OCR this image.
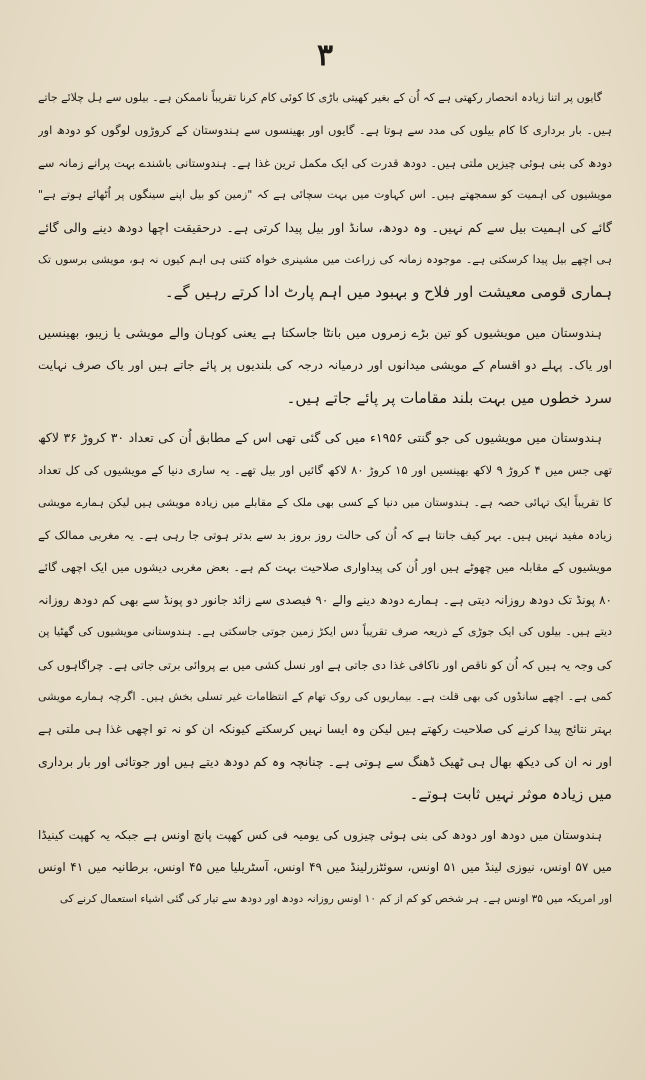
۳
گایوں پر اتنا زیادہ انحصار رکھتی ہے کہ اُن کے بغیر کھیتی باڑی کا کوئی کام کرنا تقریباً ناممکن ہے۔ بیلوں سے ہل چلائے جاتے
ہیں۔ بار برداری کا کام بیلوں کی مدد سے ہوتا ہے۔ گایوں اور بھینسوں سے ہندوستان کے کروڑوں لوگوں کو دودھ اور
دودھ کی بنی ہوئی چیزیں ملتی ہیں۔ دودھ قدرت کی ایک مکمل ترین غذا ہے۔ ہندوستانی باشندے بہت پرانے زمانہ سے
مویشیوں کی اہمیت کو سمجھتے ہیں۔ اس کہاوت میں بہت سچائی ہے کہ "زمین کو بیل اپنے سینگوں پر اُٹھائے ہوتے ہے"
گائے کی اہمیت بیل سے کم نہیں۔ وہ دودھ، سانڈ اور بیل پیدا کرتی ہے۔ درحقیقت اچھا دودھ دینے والی گائے
ہی اچھے بیل پیدا کرسکتی ہے۔ موجودہ زمانہ کی زراعت میں مشینری خواہ کتنی ہی اہم کیوں نہ ہو، مویشی برسوں تک
ہماری قومی معیشت اور فلاح و بہبود میں اہم پارٹ ادا کرتے رہیں گے۔
ہندوستان میں مویشیوں کو تین بڑے زمروں میں بانٹا جاسکتا ہے یعنی کوہان والے مویشی یا زیبو، بھینسیں
اور یاک۔ پہلے دو اقسام کے مویشی میدانوں اور درمیانہ درجہ کی بلندیوں پر پائے جاتے ہیں اور یاک صرف نہایت
سرد خطوں میں بہت بلند مقامات پر پائے جاتے ہیں۔
ہندوستان میں مویشیوں کی جو گنتی ۱۹۵۶ء میں کی گئی تھی اس کے مطابق اُن کی تعداد ۳۰ کروڑ ۳۶ لاکھ
تھی جس میں ۴ کروڑ ۹ لاکھ بھینسیں اور ۱۵ کروڑ ۸۰ لاکھ گائیں اور بیل تھے۔ یہ ساری دنیا کے مویشیوں کی کل تعداد
کا تقریباً ایک تہائی حصہ ہے۔ ہندوستان میں دنیا کے کسی بھی ملک کے مقابلے میں زیادہ مویشی ہیں لیکن ہمارے مویشی
زیادہ مفید نہیں ہیں۔ بہر کیف جانتا ہے کہ اُن کی حالت روز بروز بد سے بدتر ہوتی جا رہی ہے۔ یہ مغربی ممالک کے
مویشیوں کے مقابلہ میں چھوٹے ہیں اور اُن کی پیداواری صلاحیت بہت کم ہے۔ بعض مغربی دیشوں میں ایک اچھی گائے
۸۰ پونڈ تک دودھ روزانہ دیتی ہے۔ ہمارے دودھ دینے والے ۹۰ فیصدی سے زائد جانور دو پونڈ سے بھی کم دودھ روزانہ
دیتے ہیں۔ بیلوں کی ایک جوڑی کے ذریعہ صرف تقریباً دس ایکڑ زمین جوتی جاسکتی ہے۔ ہندوستانی مویشیوں کی گھٹیا پن
کی وجہ یہ ہیں کہ اُن کو ناقص اور ناکافی غذا دی جاتی ہے اور نسل کشی میں بے پروائی برتی جاتی ہے۔ چراگاہوں کی
کمی ہے۔ اچھے سانڈوں کی بھی قلت ہے۔ بیماریوں کی روک تھام کے انتظامات غیر تسلی بخش ہیں۔ اگرچہ ہمارے مویشی
بہتر نتائج پیدا کرنے کی صلاحیت رکھتے ہیں لیکن وہ ایسا نہیں کرسکتے کیونکہ ان کو نہ تو اچھی غذا ہی ملتی ہے
اور نہ ان کی دیکھ بھال ہی ٹھیک ڈھنگ سے ہوتی ہے۔ چنانچہ وہ کم دودھ دیتے ہیں اور جوتائی اور بار برداری
میں زیادہ موثر نہیں ثابت ہوتے۔
ہندوستان میں دودھ اور دودھ کی بنی ہوئی چیزوں کی یومیہ فی کس کھپت پانچ اونس ہے جبکہ یہ کھپت کینیڈا
میں ۵۷ اونس، نیوزی لینڈ میں ۵۱ اونس، سوئٹزرلینڈ میں ۴۹ اونس، آسٹریلیا میں ۴۵ اونس، برطانیہ میں ۴۱ اونس
اور امریکہ میں ۳۵ اونس ہے۔ ہر شخص کو کم از کم ۱۰ اونس روزانہ دودھ اور دودھ سے تیار کی گئی اشیاء استعمال کرنے کی
